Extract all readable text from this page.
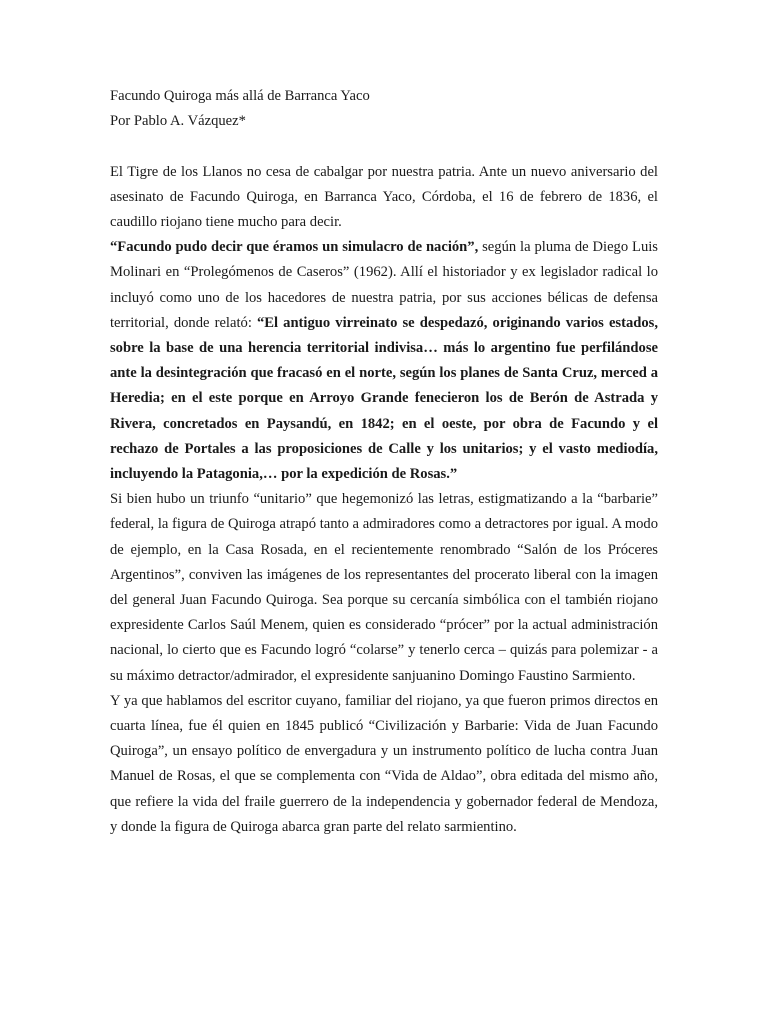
Facundo Quiroga más allá de Barranca Yaco

Por Pablo A. Vázquez*

El Tigre de los Llanos no cesa de cabalgar por nuestra patria. Ante un nuevo aniversario del asesinato de Facundo Quiroga, en Barranca Yaco, Córdoba, el 16 de febrero de 1836, el caudillo riojano tiene mucho para decir.

“Facundo pudo decir que éramos un simulacro de nación”, según la pluma de Diego Luis Molinari en “Prolegómenos de Caseros” (1962). Allí el historiador y ex legislador radical lo incluyó como uno de los hacedores de nuestra patria, por sus acciones bélicas de defensa territorial, donde relató: “El antiguo virreinato se despedazó, originando varios estados, sobre la base de una herencia territorial indivisa… más lo argentino fue perfilándose ante la desintegración que fracasó en el norte, según los planes de Santa Cruz, merced a Heredia; en el este porque en Arroyo Grande fenecieron los de Berón de Astrada y Rivera, concretados en Paysandú, en 1842; en el oeste, por obra de Facundo y el rechazo de Portales a las proposiciones de Calle y los unitarios; y el vasto mediodía, incluyendo la Patagonia,… por la expedición de Rosas.”

Si bien hubo un triunfo “unitario” que hegemonizó las letras, estigmatizando a la “barbarie” federal, la figura de Quiroga atrapó tanto a admiradores como a detractores por igual. A modo de ejemplo, en la Casa Rosada, en el recientemente renombrado “Salón de los Próceres Argentinos”, conviven las imágenes de los representantes del procerato liberal con la imagen del general Juan Facundo Quiroga. Sea porque su cercanía simbólica con el también riojano expresidente Carlos Saúl Menem, quien es considerado “prócer” por la actual administración nacional, lo cierto que es Facundo logró “colarse” y tenerlo cerca – quizás para polemizar - a su máximo detractor/admirador, el expresidente sanjuanino Domingo Faustino Sarmiento.

Y ya que hablamos del escritor cuyano, familiar del riojano, ya que fueron primos directos en cuarta línea, fue él quien en 1845 publicó “Civilización y Barbarie: Vida de Juan Facundo Quiroga”, un ensayo político de envergadura y un instrumento político de lucha contra Juan Manuel de Rosas, el que se complementa con “Vida de Aldao”, obra editada del mismo año, que refiere la vida del fraile guerrero de la independencia y gobernador federal de Mendoza, y donde la figura de Quiroga abarca gran parte del relato sarmientino.
